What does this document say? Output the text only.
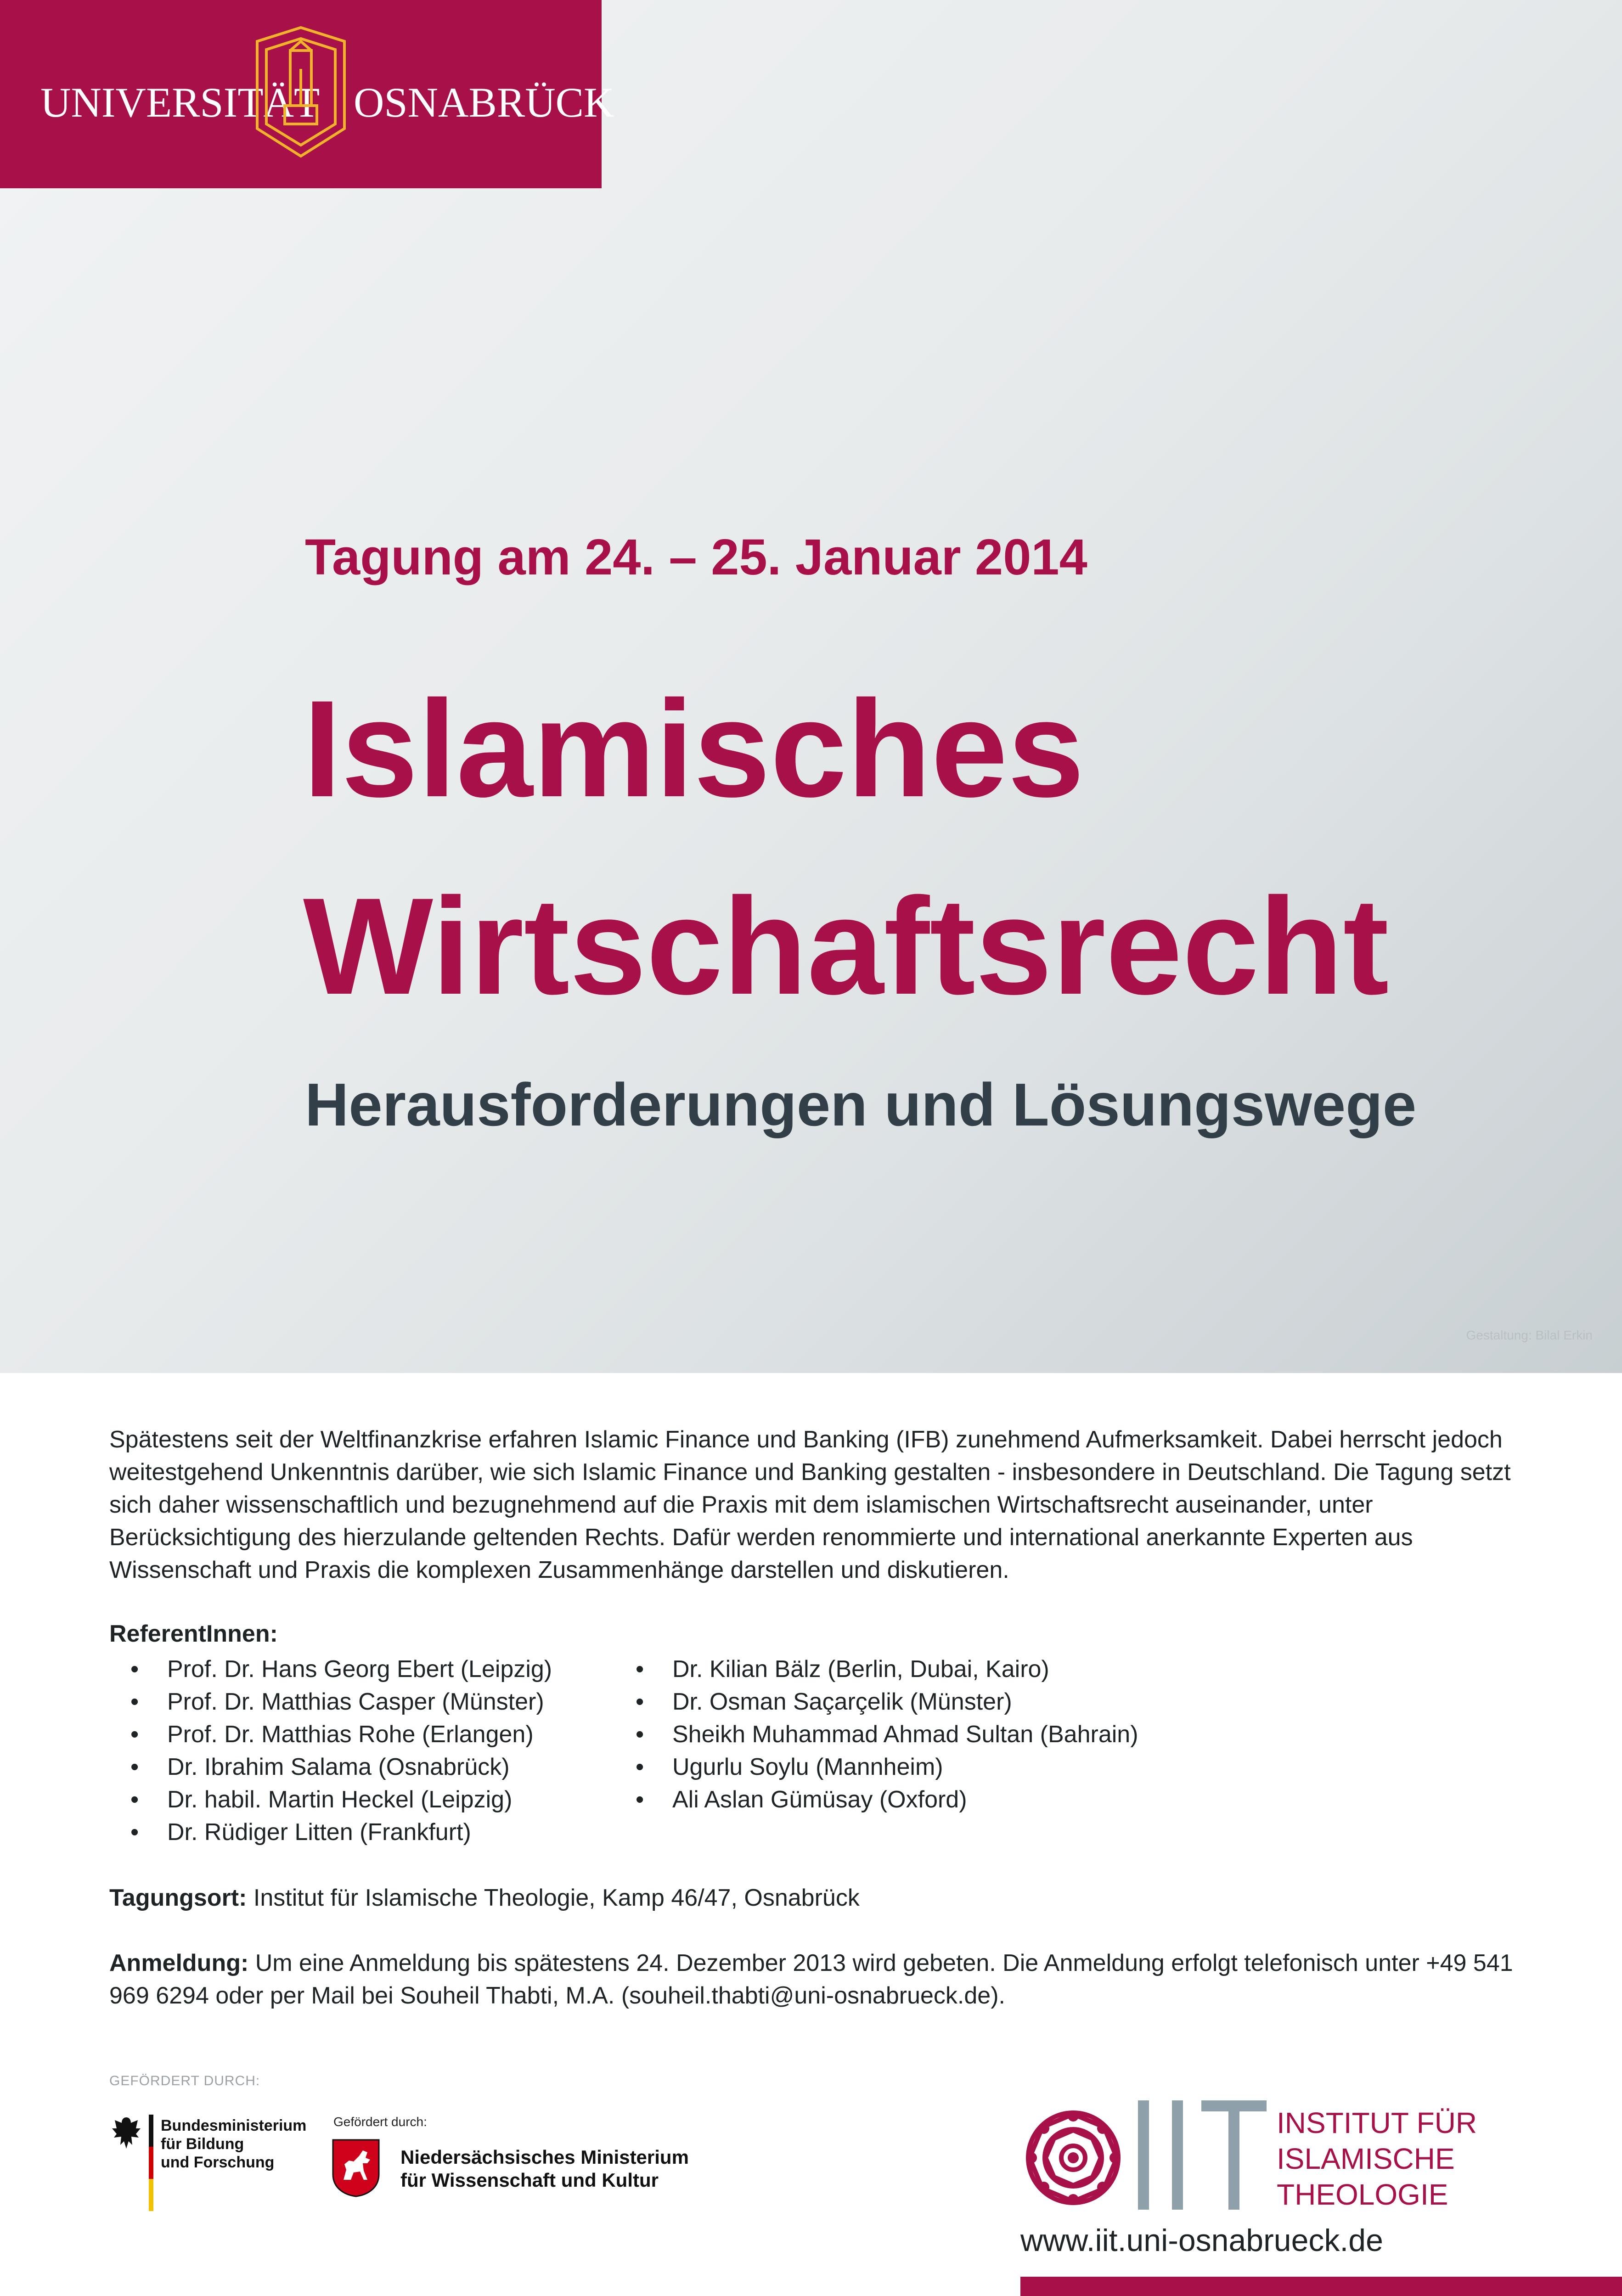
UNIVERSITÄT OSNABRÜCK
Tagung am 24. – 25. Januar 2014
Islamisches
Wirtschaftsrecht
Herausforderungen und Lösungswege
Gestaltung: Bilal Erkin

Spätestens seit der Weltfinanzkrise erfahren Islamic Finance und Banking (IFB) zunehmend Aufmerksamkeit. Dabei herrscht jedoch weitestgehend Unkenntnis darüber, wie sich Islamic Finance und Banking gestalten - insbesondere in Deutschland. Die Tagung setzt sich daher wissenschaftlich und bezugnehmend auf die Praxis mit dem islamischen Wirtschaftsrecht auseinander, unter Berücksichtigung des hierzulande geltenden Rechts. Dafür werden renommierte und international anerkannte Experten aus Wissenschaft und Praxis die komplexen Zusammenhänge darstellen und diskutieren.

ReferentInnen:
• Prof. Dr. Hans Georg Ebert (Leipzig)
• Prof. Dr. Matthias Casper (Münster)
• Prof. Dr. Matthias Rohe (Erlangen)
• Dr. Ibrahim Salama (Osnabrück)
• Dr. habil. Martin Heckel (Leipzig)
• Dr. Rüdiger Litten (Frankfurt)
• Dr. Kilian Bälz (Berlin, Dubai, Kairo)
• Dr. Osman Saçarçelik (Münster)
• Sheikh Muhammad Ahmad Sultan (Bahrain)
• Ugurlu Soylu (Mannheim)
• Ali Aslan Gümüsay (Oxford)
Tagungsort: Institut für Islamische Theologie, Kamp 46/47, Osnabrück
Anmeldung: Um eine Anmeldung bis spätestens 24. Dezember 2013 wird gebeten. Die Anmeldung erfolgt telefonisch unter +49 541 969 6294 oder per Mail bei Souheil Thabti, M.A. (souheil.thabti@uni-osnabrueck.de).
GEFÖRDERT DURCH:
Bundesministerium
für Bildung
und Forschung
Gefördert durch:
Niedersächsisches Ministerium
für Wissenschaft und Kultur
INSTITUT FÜR
ISLAMISCHE
THEOLOGIE
www.iit.uni-osnabrueck.de
